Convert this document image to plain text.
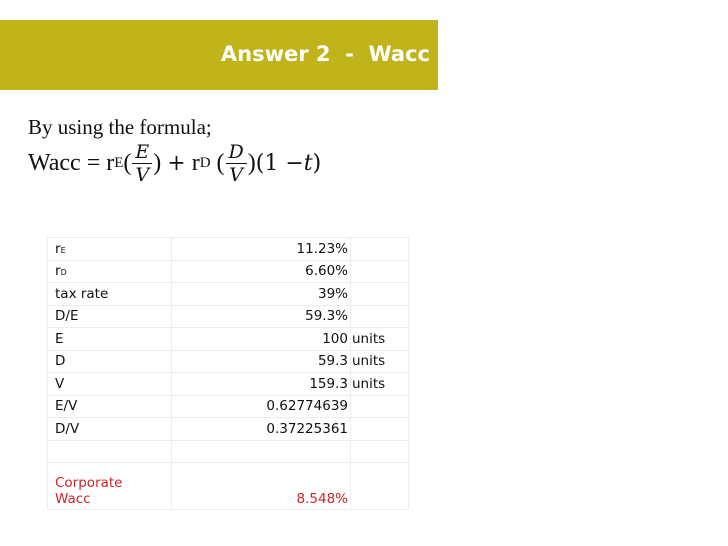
Answer 2  -  Wacc
By using the formula;
Wacc = r E ( $\frac{E}{V}$ ) + r D ( $\frac{D}{V}$ ) (1 − t )
rE	11.23%	
rD	6.60%	
tax rate	39%	
D/E	59.3%	
E	100	units
D	59.3	units
V	159.3	units
E/V	0.62774639	
D/V	0.37225361	

Corporate
Wacc	8.548%	
